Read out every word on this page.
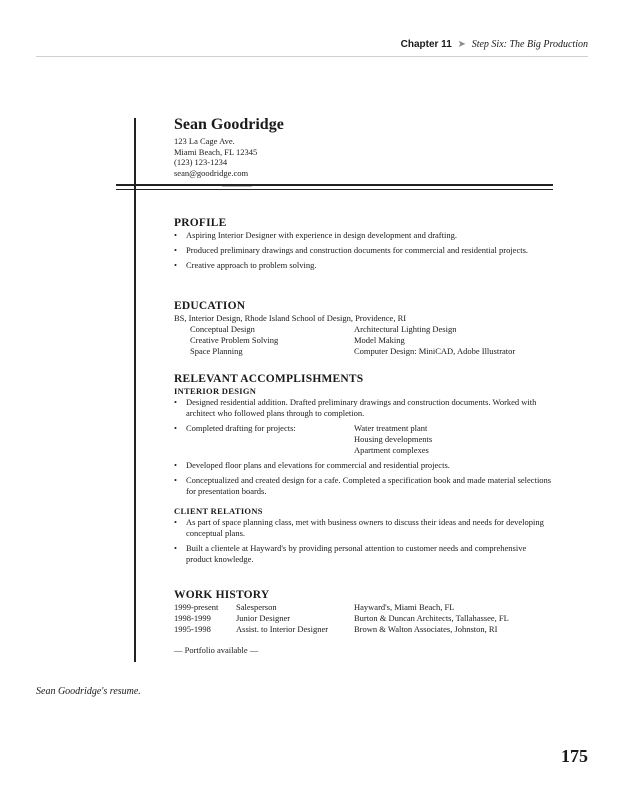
Chapter 11 ➤ Step Six: The Big Production
Sean Goodridge
123 La Cage Ave.
Miami Beach, FL 12345
(123) 123-1234
sean@goodridge.com
PROFILE
• Aspiring Interior Designer with experience in design development and drafting.
• Produced preliminary drawings and construction documents for commercial and residential projects.
• Creative approach to problem solving.
EDUCATION
BS, Interior Design, Rhode Island School of Design, Providence, RI
Conceptual Design	Architectural Lighting Design
Creative Problem Solving	Model Making
Space Planning	Computer Design: MiniCAD, Adobe Illustrator
RELEVANT ACCOMPLISHMENTS
INTERIOR DESIGN
• Designed residential addition. Drafted preliminary drawings and construction documents. Worked with architect who followed plans through to completion.
• Completed drafting for projects:	Water treatment plant
Housing developments
Apartment complexes
• Developed floor plans and elevations for commercial and residential projects.
• Conceptualized and created design for a cafe. Completed a specification book and made material selections for presentation boards.
CLIENT RELATIONS
• As part of space planning class, met with business owners to discuss their ideas and needs for developing conceptual plans.
• Built a clientele at Hayward's by providing personal attention to customer needs and comprehensive product knowledge.
WORK HISTORY
1999-present Salesperson	Hayward's, Miami Beach, FL
1998-1999	Junior Designer	Burton & Duncan Architects, Tallahassee, FL
1995-1998	Assist. to Interior Designer	Brown & Walton Associates, Johnston, RI
— Portfolio available —
Sean Goodridge's resume.
175
